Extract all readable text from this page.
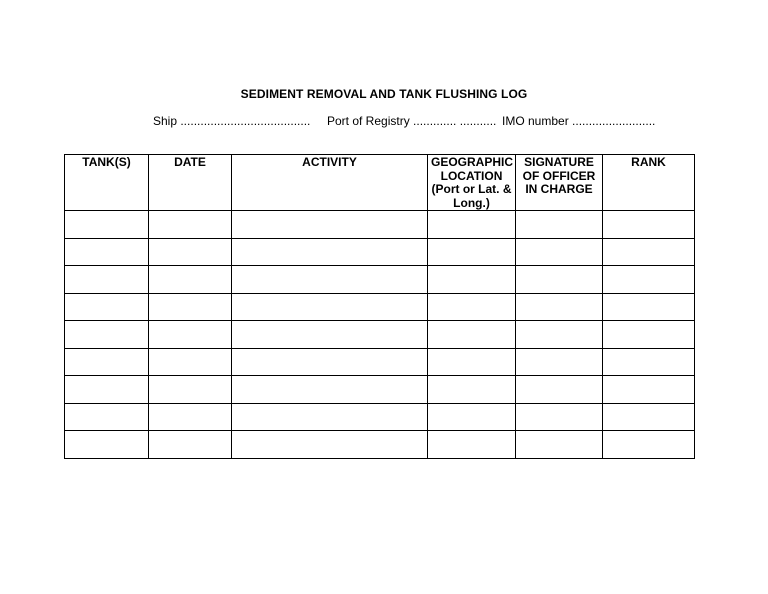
SEDIMENT REMOVAL AND TANK FLUSHING LOG
Ship ....................................... Port of Registry ............. ........... IMO number .........................
TANK(S)	DATE	ACTIVITY	GEOGRAPHIC LOCATION (Port or Lat. & Long.)	SIGNATURE OF OFFICER IN CHARGE	RANK
